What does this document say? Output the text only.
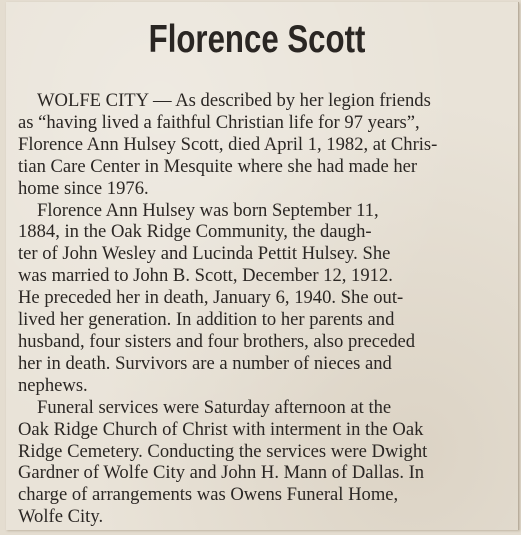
Florence Scott
WOLFE CITY — As described by her legion friends
as “having lived a faithful Christian life for 97 years”,
Florence Ann Hulsey Scott, died April 1, 1982, at Chris-
tian Care Center in Mesquite where she had made her
home since 1976.
Florence Ann Hulsey was born September 11,
1884, in the Oak Ridge Community, the daugh-
ter of John Wesley and Lucinda Pettit Hulsey. She
was married to John B. Scott, December 12, 1912.
He preceded her in death, January 6, 1940. She out-
lived her generation. In addition to her parents and
husband, four sisters and four brothers, also preceded
her in death. Survivors are a number of nieces and
nephews.
Funeral services were Saturday afternoon at the
Oak Ridge Church of Christ with interment in the Oak
Ridge Cemetery. Conducting the services were Dwight
Gardner of Wolfe City and John H. Mann of Dallas. In
charge of arrangements was Owens Funeral Home,
Wolfe City.
